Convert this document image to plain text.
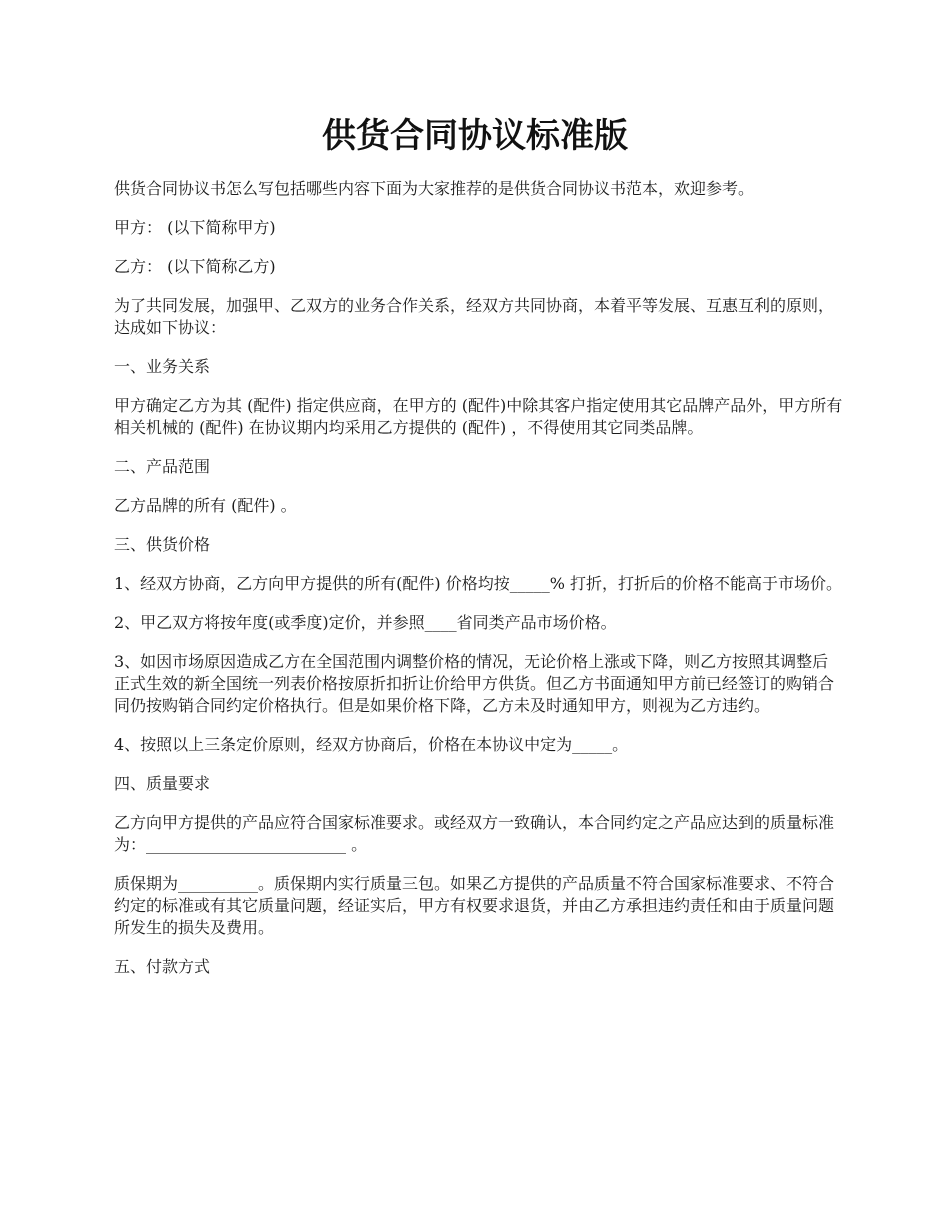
供货合同协议标准版

供货合同协议书怎么写包括哪些内容下面为大家推荐的是供货合同协议书范本，欢迎参考。

甲方： (以下简称甲方)

乙方： (以下简称乙方)

为了共同发展，加强甲、乙双方的业务合作关系，经双方共同协商，本着平等发展、互惠互利的原则，达成如下协议：

一、业务关系

甲方确定乙方为其 (配件) 指定供应商，在甲方的 (配件)中除其客户指定使用其它品牌产品外，甲方所有相关机械的 (配件) 在协议期内均采用乙方提供的 (配件) ，不得使用其它同类品牌。

二、产品范围

乙方品牌的所有 (配件) 。

三、供货价格

1、经双方协商，乙方向甲方提供的所有(配件) 价格均按_____% 打折，打折后的价格不能高于市场价。

2、甲乙双方将按年度(或季度)定价，并参照____省同类产品市场价格。

3、如因市场原因造成乙方在全国范围内调整价格的情况，无论价格上涨或下降，则乙方按照其调整后正式生效的新全国统一列表价格按原折扣折让价给甲方供货。但乙方书面通知甲方前已经签订的购销合同仍按购销合同约定价格执行。但是如果价格下降，乙方未及时通知甲方，则视为乙方违约。

4、按照以上三条定价原则，经双方协商后，价格在本协议中定为_____。

四、质量要求

乙方向甲方提供的产品应符合国家标准要求。或经双方一致确认，本合同约定之产品应达到的质量标准为：_________________________ 。

质保期为__________。质保期内实行质量三包。如果乙方提供的产品质量不符合国家标准要求、不符合约定的标准或有其它质量问题，经证实后，甲方有权要求退货，并由乙方承担违约责任和由于质量问题所发生的损失及费用。

五、付款方式
